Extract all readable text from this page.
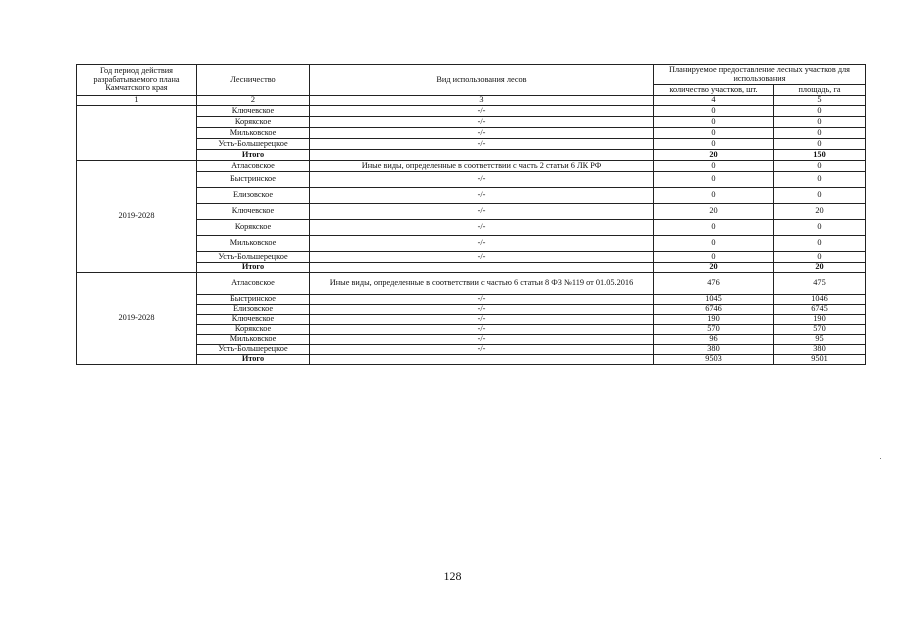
Год период действия разрабатываемого плана Камчатского края	Лесничество	Вид использования лесов	Планируемое предоставление лесных участков для использования	
			количество участков, шт.	площадь, га
1	2	3	4	5
	Ключевское	-/-	0	0
	Корякское	-/-	0	0
	Мильковское	-/-	0	0
	Усть-Большерецкое	-/-	0	0
	Итого		20	150
2019-2028	Атласовское	Иные виды, определенные в соответствии с часть 2 статьи 6 ЛК РФ	0	0
	Быстринское	-/-	0	0
	Елизовское	-/-	0	0
	Ключевское	-/-	20	20
	Корякское	-/-	0	0
	Мильковское	-/-	0	0
	Усть-Большерецкое	-/-	0	0
	Итого		20	20
2019-2028	Атласовское	Иные виды, определенные в соответствии с частью 6 статьи 8 ФЗ №119 от 01.05.2016	476	475
	Быстринское	-/-	1045	1046
	Елизовское	-/-	6746	6745
	Ключевское	-/-	190	190
	Корякское	-/-	570	570
	Мильковское	-/-	96	95
	Усть-Большерецкое	-/-	380	380
	Итого		9503	9501
128
